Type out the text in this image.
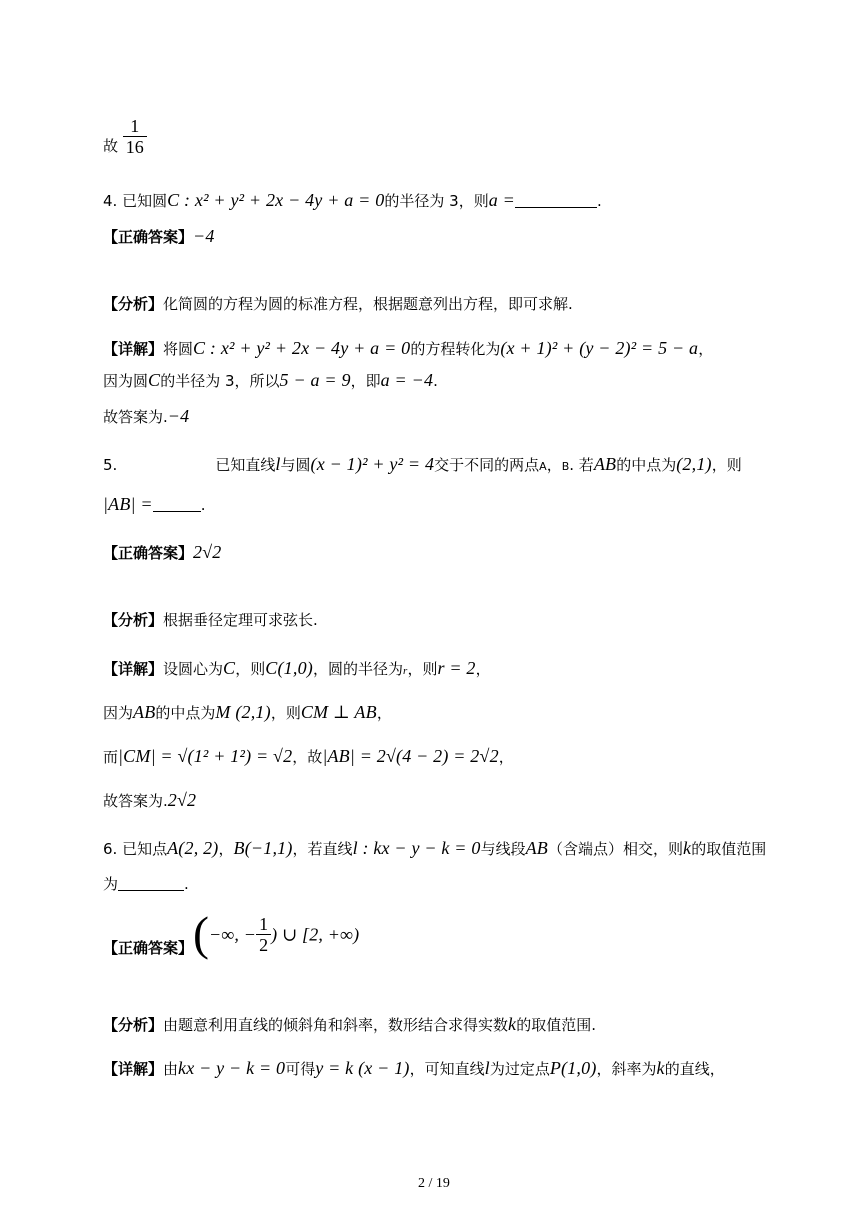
故 $\frac{1}{16}$
4. 已知圆C : x² + y² + 2x − 4y + a = 0的半径为 3，则a =	.
【正确答案】−4
【分析】化简圆的方程为圆的标准方程，根据题意列出方程，即可求解.
【详解】将圆C : x² + y² + 2x − 4y + a = 0的方程转化为(x + 1)² + (y − 2)² = 5 − a，
因为圆C的半径为 3，所以5 − a = 9，即a = −4.
故答案为.−4
5.	已知直线l与圆(x − 1)² + y² = 4交于不同的两点A，B. 若AB的中点为(2,1)，则
|AB| =	.
【正确答案】2√2
【分析】根据垂径定理可求弦长.
【详解】设圆心为C，则C(1,0)，圆的半径为r，则r = 2，
因为AB的中点为M (2,1)，则CM ⊥ AB，
而|CM| = √(1² + 1²) = √2，故|AB| = 2√(4 − 2) = 2√2，
故答案为.2√2
6. 已知点A(2, 2)，B(−1,1)，若直线l : kx − y − k = 0与线段AB（含端点）相交，则k的取值范围
为	.
【正确答案】(−∞, − $\frac{1}{2}$ ) ∪ [2, +∞)
【分析】由题意利用直线的倾斜角和斜率，数形结合求得实数k的取值范围.
【详解】由kx − y − k = 0可得y = k (x − 1)，可知直线l为过定点P(1,0)，斜率为k的直线，
2 / 19
